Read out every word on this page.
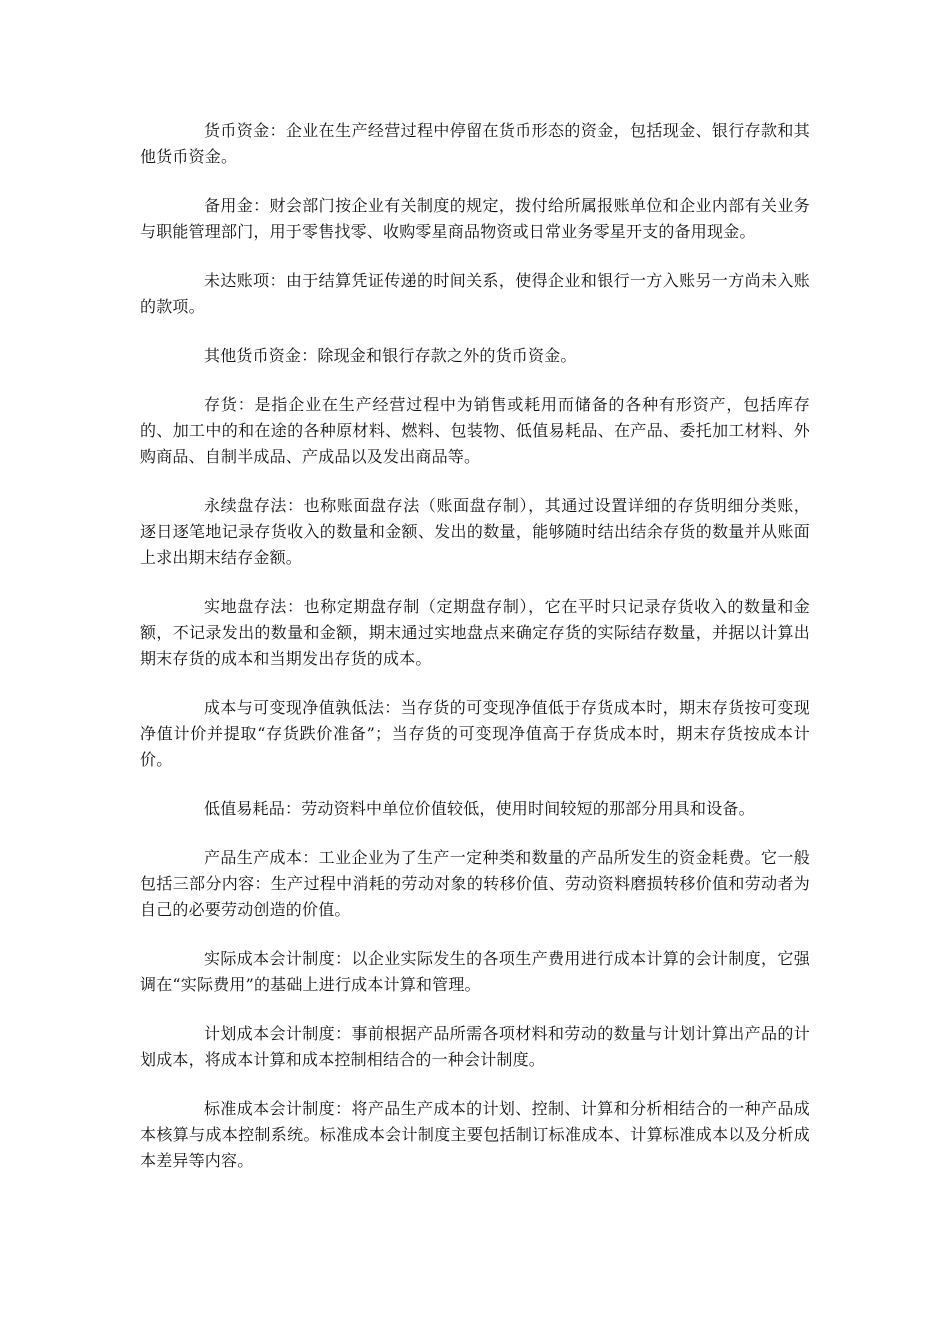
货币资金：企业在生产经营过程中停留在货币形态的资金，包括现金、银行存款和其他货币资金。

备用金：财会部门按企业有关制度的规定，拨付给所属报账单位和企业内部有关业务与职能管理部门，用于零售找零、收购零星商品物资或日常业务零星开支的备用现金。

未达账项：由于结算凭证传递的时间关系，使得企业和银行一方入账另一方尚未入账的款项。

其他货币资金：除现金和银行存款之外的货币资金。

存货：是指企业在生产经营过程中为销售或耗用而储备的各种有形资产，包括库存的、加工中的和在途的各种原材料、燃料、包装物、低值易耗品、在产品、委托加工材料、外购商品、自制半成品、产成品以及发出商品等。

永续盘存法：也称账面盘存法（账面盘存制），其通过设置详细的存货明细分类账，逐日逐笔地记录存货收入的数量和金额、发出的数量，能够随时结出结余存货的数量并从账面上求出期末结存金额。

实地盘存法：也称定期盘存制（定期盘存制），它在平时只记录存货收入的数量和金额，不记录发出的数量和金额，期末通过实地盘点来确定存货的实际结存数量，并据以计算出期末存货的成本和当期发出存货的成本。

成本与可变现净值孰低法：当存货的可变现净值低于存货成本时，期末存货按可变现净值计价并提取“存货跌价准备”；当存货的可变现净值高于存货成本时，期末存货按成本计价。

低值易耗品：劳动资料中单位价值较低，使用时间较短的那部分用具和设备。

产品生产成本：工业企业为了生产一定种类和数量的产品所发生的资金耗费。它一般包括三部分内容：生产过程中消耗的劳动对象的转移价值、劳动资料磨损转移价值和劳动者为自己的必要劳动创造的价值。

实际成本会计制度：以企业实际发生的各项生产费用进行成本计算的会计制度，它强调在“实际费用”的基础上进行成本计算和管理。

计划成本会计制度：事前根据产品所需各项材料和劳动的数量与计划计算出产品的计划成本，将成本计算和成本控制相结合的一种会计制度。

标准成本会计制度：将产品生产成本的计划、控制、计算和分析相结合的一种产品成本核算与成本控制系统。标准成本会计制度主要包括制订标准成本、计算标准成本以及分析成本差异等内容。
